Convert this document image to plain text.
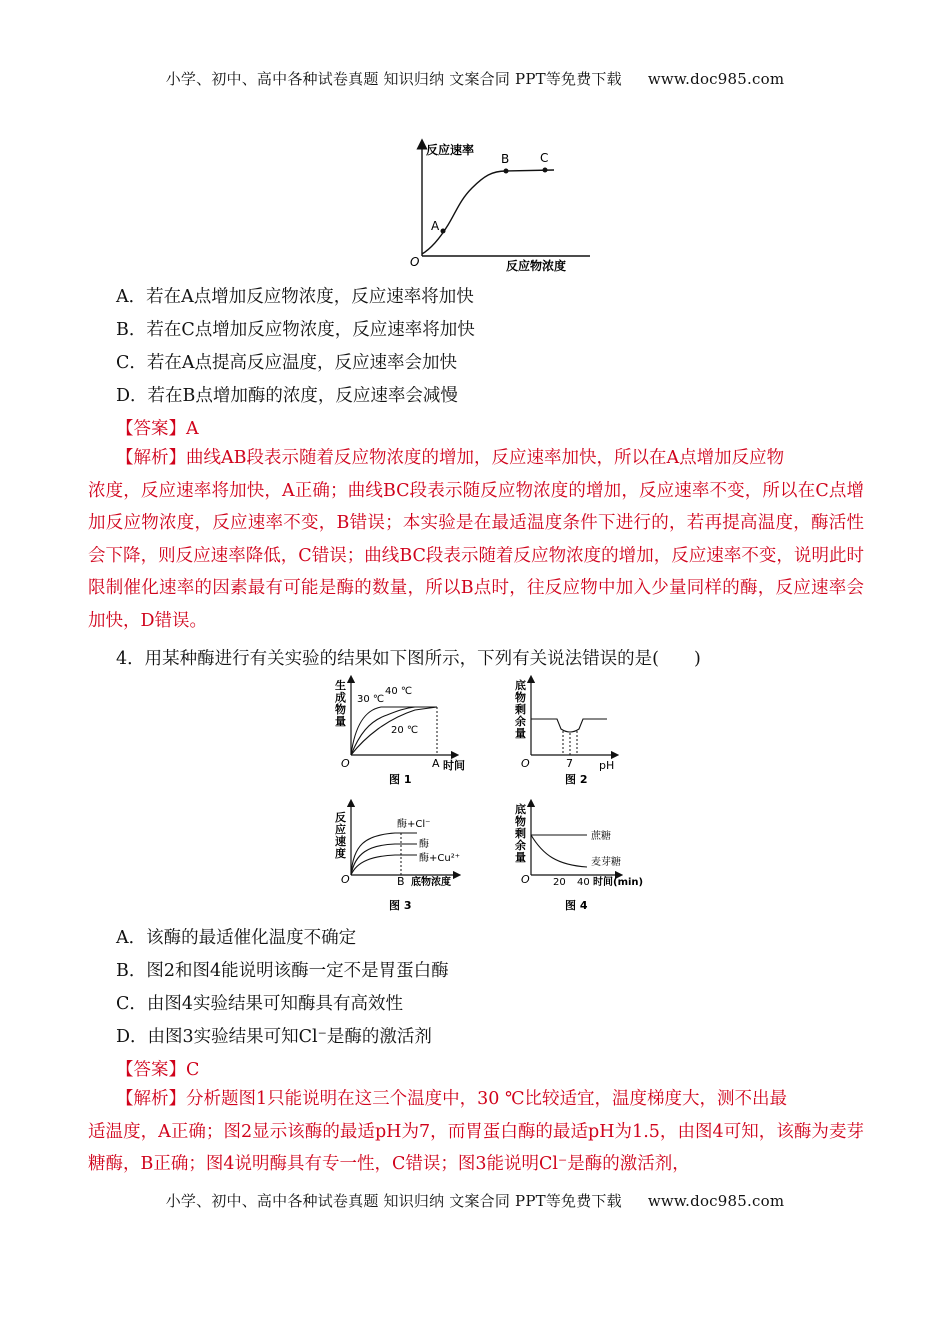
小学、初中、高中各种试卷真题 知识归纳 文案合同 PPT等免费下载 www.doc985.com
反应速率
反应物浓度
O
A
B	C
A．若在A点增加反应物浓度，反应速率将加快
B．若在C点增加反应物浓度，反应速率将加快
C．若在A点提高反应温度，反应速率会加快
D．若在B点增加酶的浓度，反应速率会减慢
【答案】A
【解析】曲线AB段表示随着反应物浓度的增加，反应速率加快，所以在A点增加反应物
浓度，反应速率将加快，A正确；曲线BC段表示随反应物浓度的增加，反应速率不变，所以在C点增加反应物浓度，反应速率不变，B错误；本实验是在最适温度条件下进行的，若再提高温度，酶活性会下降，则反应速率降低，C错误；曲线BC段表示随着反应物浓度的增加，反应速率不变，说明此时限制催化速率的因素最有可能是酶的数量，所以B点时，往反应物中加入少量同样的酶，反应速率会加快，D错误。
4．用某种酶进行有关实验的结果如下图所示，下列有关说法错误的是(　　)
生成物量
O	A 时间
30 ℃
40 ℃
20 ℃
图 1
底物剩余量
O	7 pH
图 2
反应速度
酶+Cl⁻
酶
酶+Cu²⁺
O	B 底物浓度
图 3
底物剩余量
蔗糖
麦芽糖
O 20 40 时间(min)
图 4
A．该酶的最适催化温度不确定
B．图2和图4能说明该酶一定不是胃蛋白酶
C．由图4实验结果可知酶具有高效性
D．由图3实验结果可知Cl⁻是酶的激活剂
【答案】C
【解析】分析题图1只能说明在这三个温度中，30 ℃比较适宜，温度梯度大，测不出最
适温度，A正确；图2显示该酶的最适pH为7，而胃蛋白酶的最适pH为1.5，由图4可知，该酶为麦芽糖酶，B正确；图4说明酶具有专一性，C错误；图3能说明Cl⁻是酶的激活剂，
小学、初中、高中各种试卷真题 知识归纳 文案合同 PPT等免费下载 www.doc985.com
